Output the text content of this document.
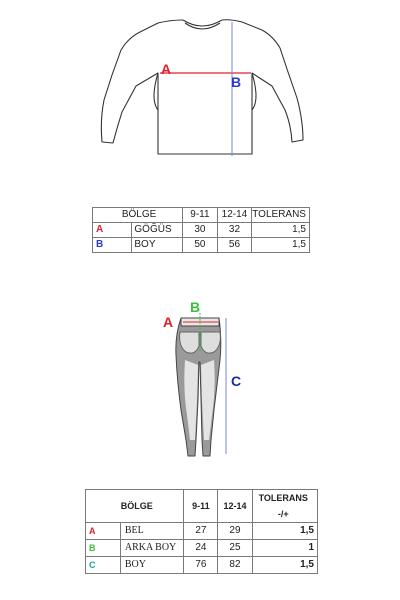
A
B
BÖLGE		9-11	12-14	TOLERANS
A	GÖĞÜS	30	32	1,5
B	BOY	50	56	1,5
A
B
C
BÖLGE		9-11	12-14	TOLERANS -/+
A	BEL	27	29	1,5
B	ARKA BOY	24	25	1
C	BOY	76	82	1,5
